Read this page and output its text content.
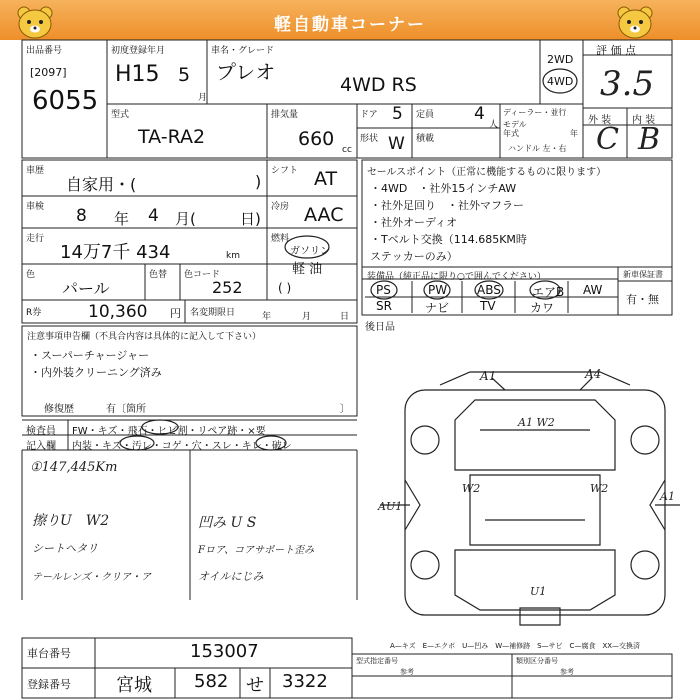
軽自動車コーナー
出品番号
[2097]
6055
初度登録年月
H15 5
月
車名・グレード
プレオ
4WD RS
2WD
4WD
評 価 点
3.5
外 装 内 装
C B
型式
TA-RA2
排気量
660 cc
ドア 5 定員 4
人
形状 W 積載
ディーラー・並行
モデル
年式	年
ハンドル 左・右
車歴
自家用・(	)
車検 8 年 4 月(	日)
走行
14万7千 434	km
色
パール
色替 色コード
252
シフト AT
冷房 AAC
燃料
ガソリン
軽 油
( )
R券	10,360 円 名変期限日	年	月	日
セールスポイント（正常に機能するものに限ります）
・4WD　・社外15インチAW
・社外足回り　・社外マフラー
・社外オーディオ
・Tベルト交換（114.685KM時
ステッカーのみ）
装備品（純正品に限り○で囲んでください）
PS	PW ABS	エアB AW
SR	ナビ	TV	カワ
新車保証書
有・無
後日品
注意事項申告欄（不具合内容は具体的に記入して下さい）
・スーパーチャージャー
・内外装クリーニング済み
修復歴	有〔箇所	〕
検査員
記入欄
FW・キズ・飛石・ヒビ割・リペア跡・×要
内装・キズ・汚レ・コゲ・穴・スレ・キレ・破レ
①147,445Km
擦りU　W2
シートヘタリ
テールレンズ・クリア・ア
凹み U S
Fロア、コアサポート歪み
オイルにじみ
A1	A4
A1 W2
W2	W2
AU1
A1
U1
A—キズ　E—エクボ　U—凹み　W—補修跡　S—サビ　C—腐食　XX—交換済
型式指定番号
参考
類別区分番号
参考
車台番号	153007
登録番号	宮城 582 せ 3322
